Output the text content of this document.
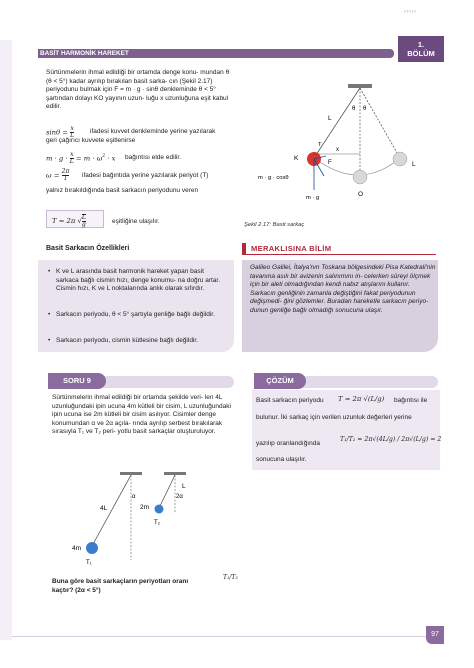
‹‹‹‹‹
BASİT HARMONİK HAREKET
1.
BÖLÜM
Sürtünmelerin ihmal edildiği bir ortamda denge konu- mundan θ (θ < 5°) kadar ayrılıp bırakılan basit sarka- cın (Şekil 2.17) periyodunu bulmak için F = m · g · sinθ denkleminde θ < 5° şartından dolayı KO yayının uzun- luğu x uzunluğuna eşit kabul edilir.
$\sin\theta = \frac{x}{L}$ ifadesi kuvvet denkleminde yerine yazılarak
geri çağırıcı kuvvete eşitlenirse
$m \cdot g \cdot \frac{x}{L} = m \cdot \omega^2 \cdot x$ bağıntısı elde edilir.
$\omega = \frac{2\pi}{T}$ ifadesi bağıntıda yerine yazılarak periyot (T)
yalnız bırakıldığında basit sarkacın periyodunu veren
T = 2π √ $\frac{L}{g}$	eşitliğine ulaşılır.
Basit Sarkacın Özellikleri
• K ve L arasında basit harmonik hareket yapan basit sarkaca bağlı cismin hızı, denge konumu- na doğru artar. Cismin hızı, K ve L noktalarında anlık olarak sıfırdır.
• Sarkacın periyodu, θ < 5° şartıyla genliğe bağlı değildir.
• Sarkacın periyodu, cismin kütlesine bağlı değildir.
θ θ
L
K
x
F
O
L
m · g · cosθ
m · g
T
Şekil 2.17: Basit sarkaç
MERAKLISINA BİLİM
Galileo Galilei, İtalya'nın Toskana bölgesindeki Pisa Katedrali'nin tavanına asılı bir avizenin salınımını in- celerken süreyi ölçmek için bir aleti olmadığından kendi nabız atışlarını kullanır. Sarkacın genliğinin zamanla değiştiğini fakat periyodunun değişmedi- ğini gözlemler. Buradan hareketle sarkacın periyo- dunun genliğe bağlı olmadığı sonucuna ulaşır.
SORU 9
Sürtünmelerin ihmal edildiği bir ortamda şekilde veri- len 4L uzunluğundaki ipin ucuna 4m kütleli bir cisim, L uzunluğundaki ipin ucuna ise 2m kütleli bir cisim asılıyor. Cisimler denge konumundan α ve 2α açıla- rında ayrılıp serbest bırakılarak sırasıyla T₁ ve T₂ peri- yotlu basit sarkaçlar oluşturuluyor.
4L
α
L
2α
2m
4m
T₁
T₂
Buna göre basit sarkaçların periyotları oranı
T₁/T₂
kaçtır? (2α < 5°)
ÇÖZÜM
Basit sarkacın periyodu T = 2π √(L/g) bağıntısı ile
bulunur. İki sarkaç için verilen uzunluk değerleri yerine
yazılıp oranlandığında
T₁/T₂ = 2π√(4L/g) / 2π√(L/g) = 2
sonucuna ulaşılır.
97
